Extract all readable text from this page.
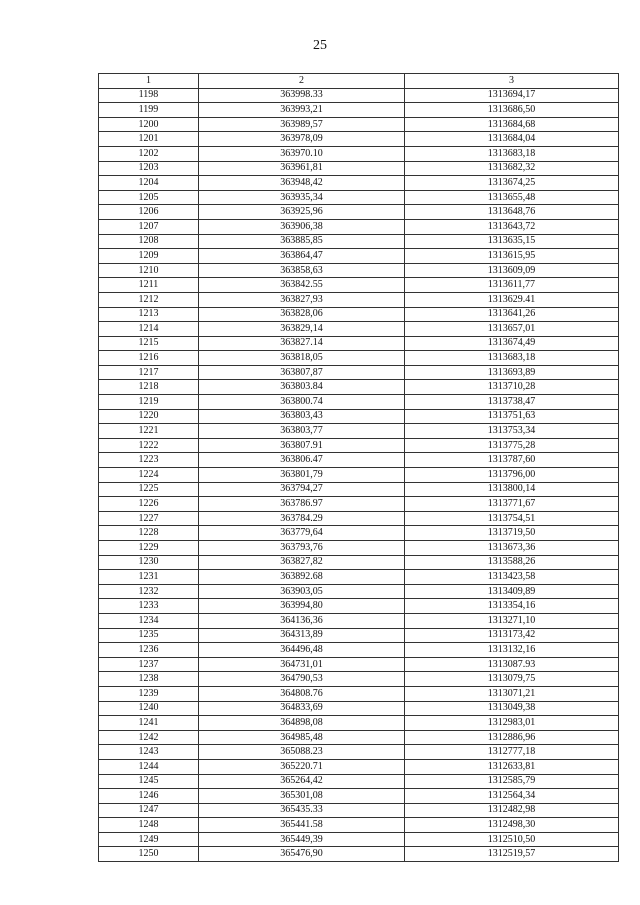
25
1	2	3
1198	363998.33	1313694,17
1199	363993,21	1313686,50
1200	363989,57	1313684,68
1201	363978,09	1313684,04
1202	363970.10	1313683,18
1203	363961,81	1313682,32
1204	363948,42	1313674,25
1205	363935,34	1313655,48
1206	363925,96	1313648,76
1207	363906,38	1313643,72
1208	363885,85	1313635,15
1209	363864,47	1313615,95
1210	363858,63	1313609,09
1211	363842.55	1313611,77
1212	363827,93	1313629.41
1213	363828,06	1313641,26
1214	363829,14	1313657,01
1215	363827.14	1313674,49
1216	363818,05	1313683,18
1217	363807,87	1313693,89
1218	363803.84	1313710,28
1219	363800.74	1313738,47
1220	363803,43	1313751,63
1221	363803,77	1313753,34
1222	363807.91	1313775,28
1223	363806.47	1313787,60
1224	363801,79	1313796,00
1225	363794,27	1313800,14
1226	363786.97	1313771,67
1227	363784.29	1313754,51
1228	363779,64	1313719,50
1229	363793,76	1313673,36
1230	363827,82	1313588,26
1231	363892.68	1313423,58
1232	363903,05	1313409,89
1233	363994,80	1313354,16
1234	364136,36	1313271,10
1235	364313,89	1313173,42
1236	364496,48	1313132,16
1237	364731,01	1313087.93
1238	364790,53	1313079,75
1239	364808.76	1313071,21
1240	364833,69	1313049,38
1241	364898,08	1312983,01
1242	364985,48	1312886,96
1243	365088.23	1312777,18
1244	365220.71	1312633,81
1245	365264,42	1312585,79
1246	365301,08	1312564,34
1247	365435.33	1312482,98
1248	365441.58	1312498,30
1249	365449,39	1312510,50
1250	365476,90	1312519,57
